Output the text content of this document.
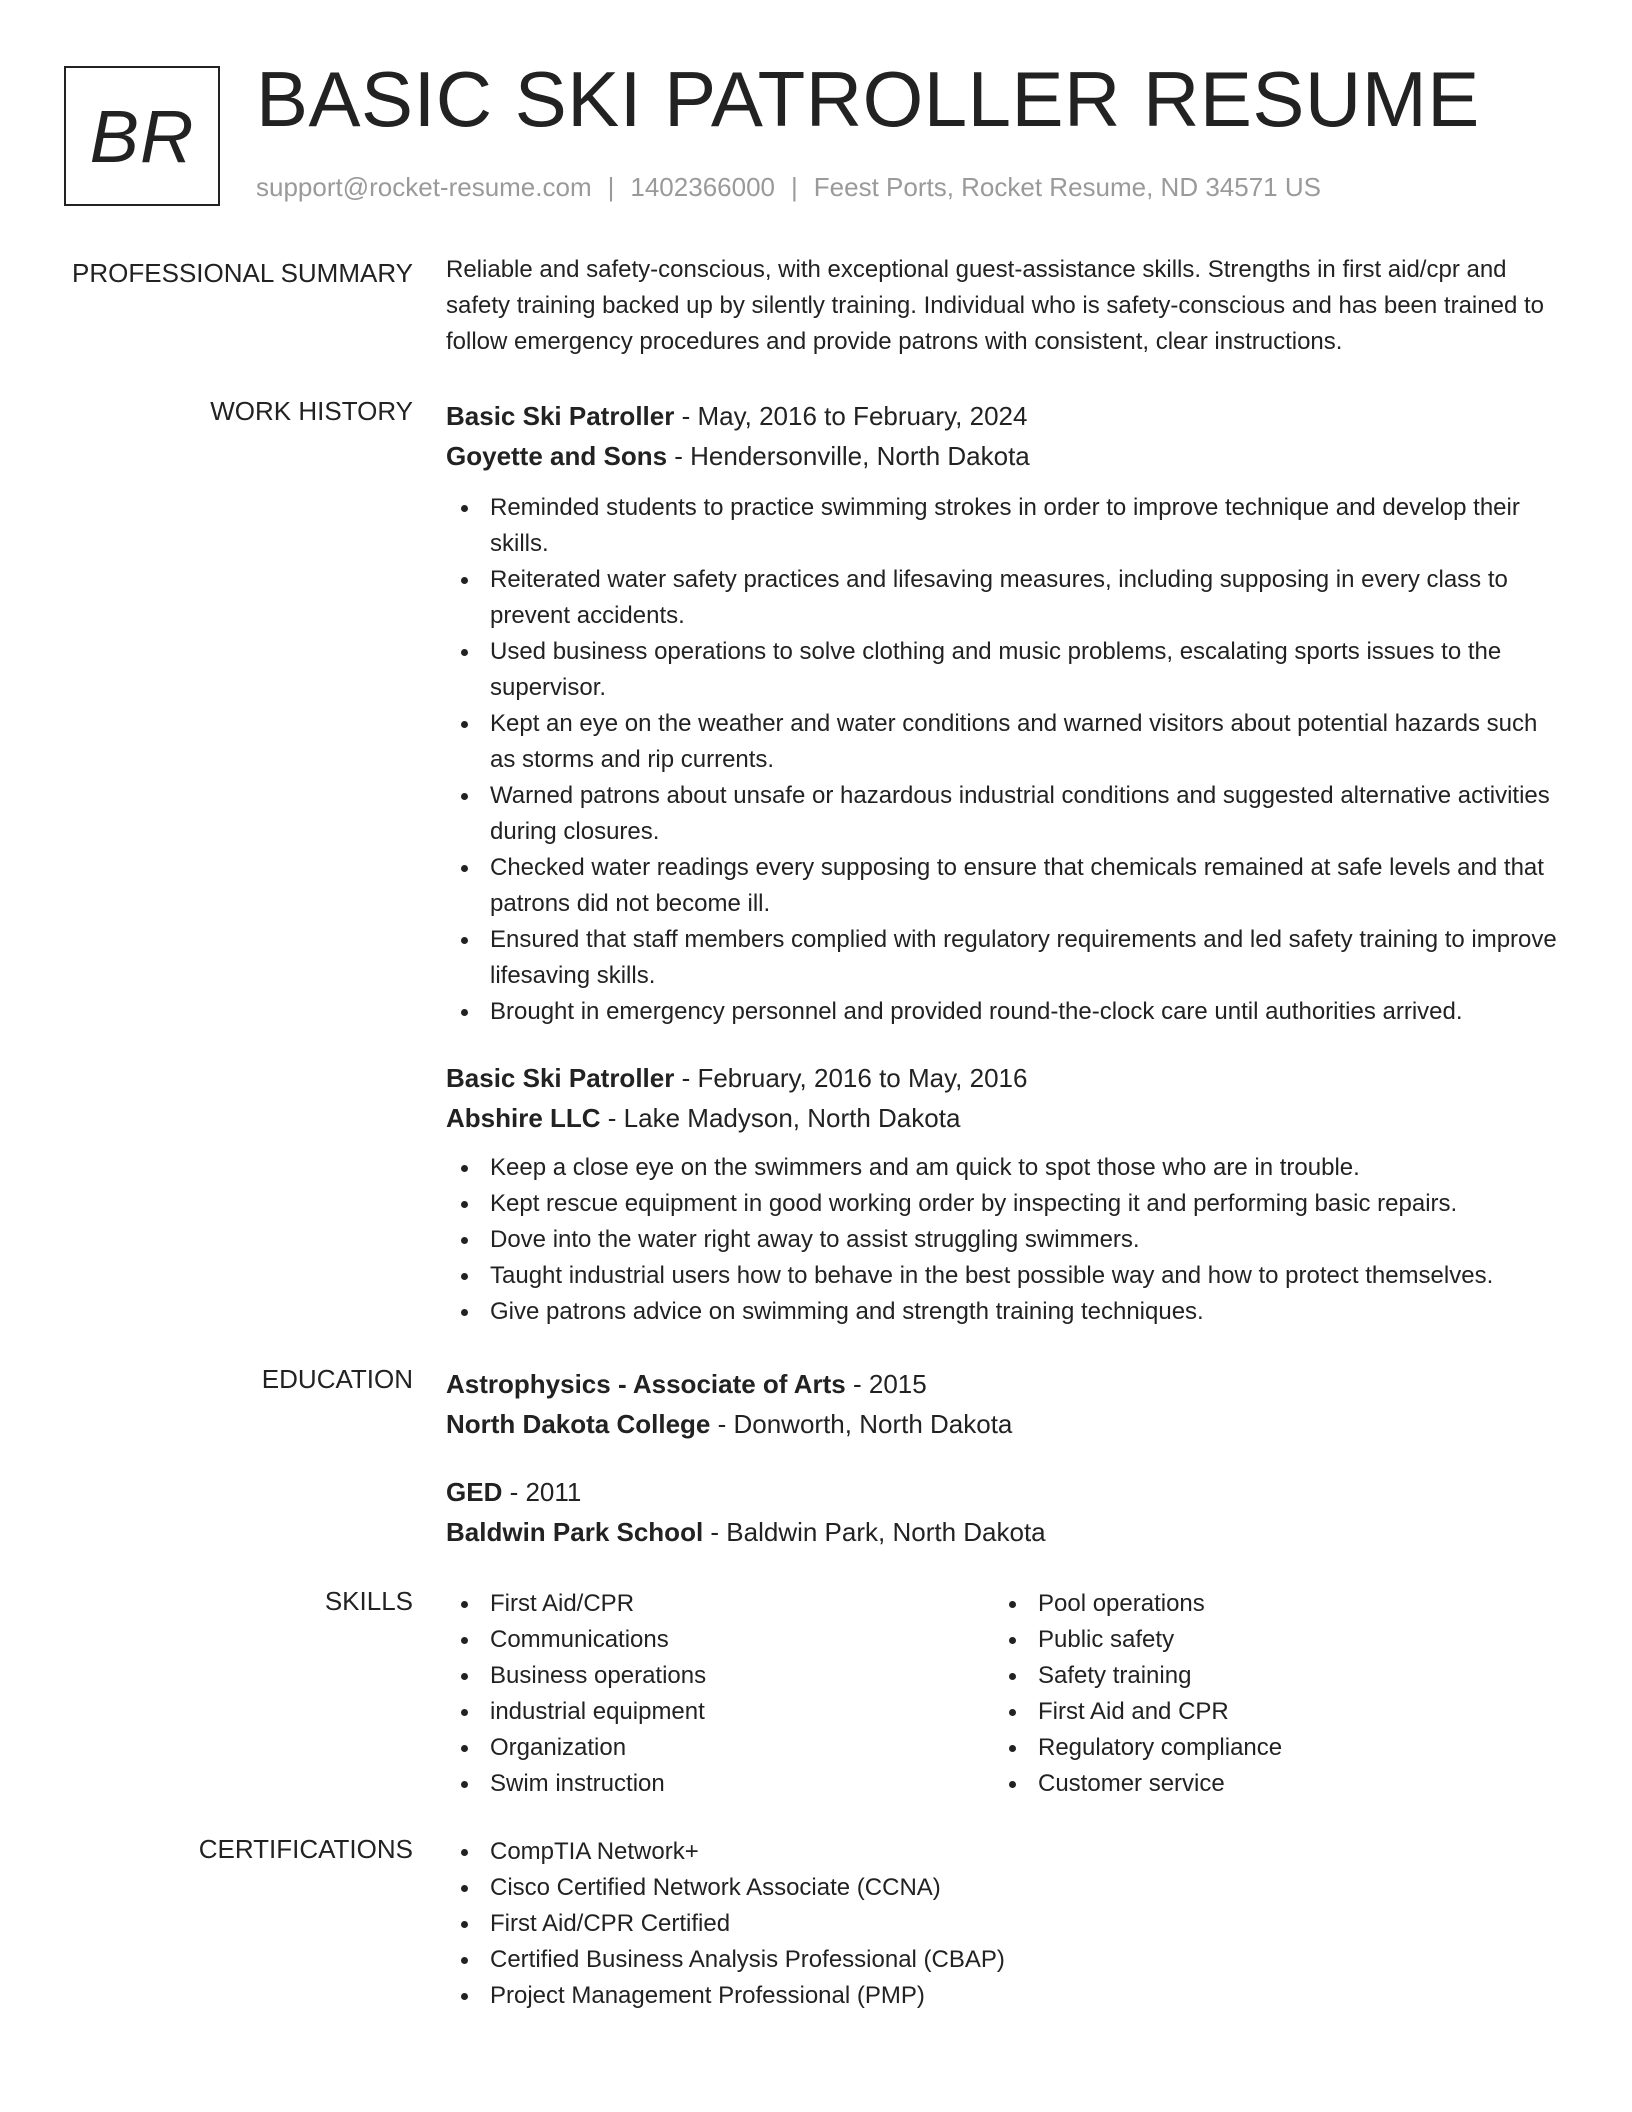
BR BASIC SKI PATROLLER RESUME
support@rocket-resume.com | 1402366000 | Feest Ports, Rocket Resume, ND 34571 US
PROFESSIONAL SUMMARY Reliable and safety-conscious, with exceptional guest-assistance skills. Strengths in first aid/cpr and safety training backed up by silently training. Individual who is safety-conscious and has been trained to follow emergency procedures and provide patrons with consistent, clear instructions.

WORK HISTORY Basic Ski Patroller - May, 2016 to February, 2024
Goyette and Sons - Hendersonville, North Dakota
Reminded students to practice swimming strokes in order to improve technique and develop their skills.
Reiterated water safety practices and lifesaving measures, including supposing in every class to prevent accidents.
Used business operations to solve clothing and music problems, escalating sports issues to the supervisor.
Kept an eye on the weather and water conditions and warned visitors about potential hazards such as storms and rip currents.
Warned patrons about unsafe or hazardous industrial conditions and suggested alternative activities during closures.
Checked water readings every supposing to ensure that chemicals remained at safe levels and that patrons did not become ill.
Ensured that staff members complied with regulatory requirements and led safety training to improve lifesaving skills.
Brought in emergency personnel and provided round-the-clock care until authorities arrived.
Basic Ski Patroller - February, 2016 to May, 2016
Abshire LLC - Lake Madyson, North Dakota
Keep a close eye on the swimmers and am quick to spot those who are in trouble.
Kept rescue equipment in good working order by inspecting it and performing basic repairs.
Dove into the water right away to assist struggling swimmers.
Taught industrial users how to behave in the best possible way and how to protect themselves.
Give patrons advice on swimming and strength training techniques.
EDUCATION Astrophysics - Associate of Arts - 2015
North Dakota College - Donworth, North Dakota
GED - 2011
Baldwin Park School - Baldwin Park, North Dakota
SKILLS	First Aid/CPR
Communications
Business operations
industrial equipment
Organization
Swim instruction
Pool operations
Public safety
Safety training
First Aid and CPR
Regulatory compliance
Customer service
CERTIFICATIONS	CompTIA Network+
Cisco Certified Network Associate (CCNA)
First Aid/CPR Certified
Certified Business Analysis Professional (CBAP)
Project Management Professional (PMP)
